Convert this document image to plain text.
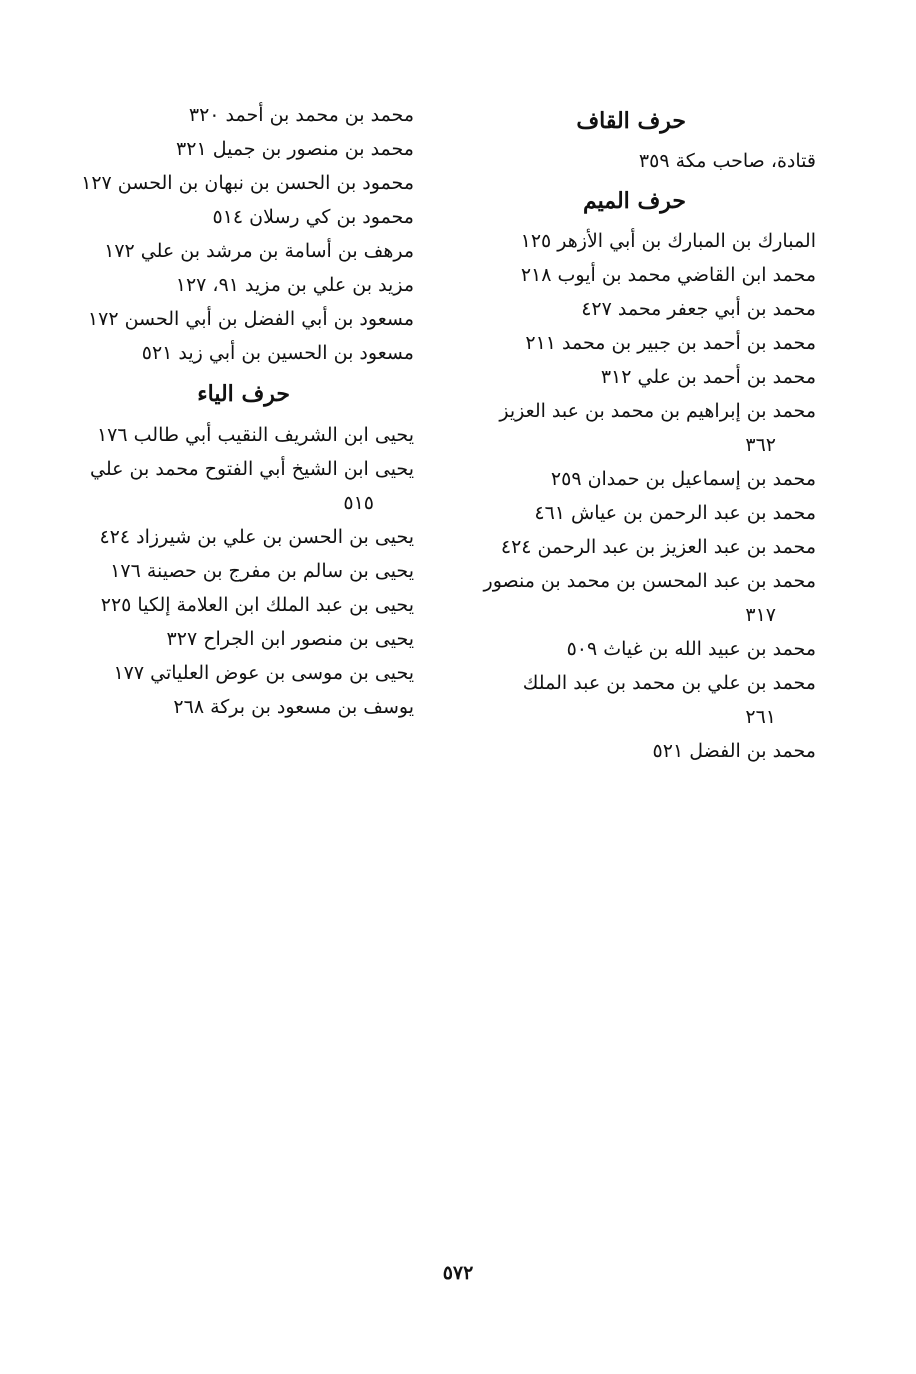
حرف القاف
قتادة، صاحب مكة ٣٥٩
حرف الميم
المبارك بن المبارك بن أبي الأزهر ١٢٥
محمد ابن القاضي محمد بن أيوب ٢١٨
محمد بن أبي جعفر محمد ٤٢٧
محمد بن أحمد بن جبير بن محمد ٢١١
محمد بن أحمد بن علي ٣١٢
محمد بن إبراهيم بن محمد بن عبد العزيز
٣٦٢
محمد بن إسماعيل بن حمدان ٢٥٩
محمد بن عبد الرحمن بن عياش ٤٦١
محمد بن عبد العزيز بن عبد الرحمن ٤٢٤
محمد بن عبد المحسن بن محمد بن منصور
٣١٧
محمد بن عبيد الله بن غياث ٥٠٩
محمد بن علي بن محمد بن عبد الملك
٢٦١
محمد بن الفضل ٥٢١
محمد بن محمد بن أحمد ٣٢٠
محمد بن منصور بن جميل ٣٢١
محمود بن الحسن بن نبهان بن الحسن ١٢٧
محمود بن كي رسلان ٥١٤
مرهف بن أسامة بن مرشد بن علي ١٧٢
مزيد بن علي بن مزيد ٩١، ١٢٧
مسعود بن أبي الفضل بن أبي الحسن ١٧٢
مسعود بن الحسين بن أبي زيد ٥٢١
حرف الياء
يحيى ابن الشريف النقيب أبي طالب ١٧٦
يحيى ابن الشيخ أبي الفتوح محمد بن علي
٥١٥
يحيى بن الحسن بن علي بن شيرزاد ٤٢٤
يحيى بن سالم بن مفرج بن حصينة ١٧٦
يحيى بن عبد الملك ابن العلامة إلكيا ٢٢٥
يحيى بن منصور ابن الجراح ٣٢٧
يحيى بن موسى بن عوض العلياتي ١٧٧
يوسف بن مسعود بن بركة ٢٦٨
٥٧٢
